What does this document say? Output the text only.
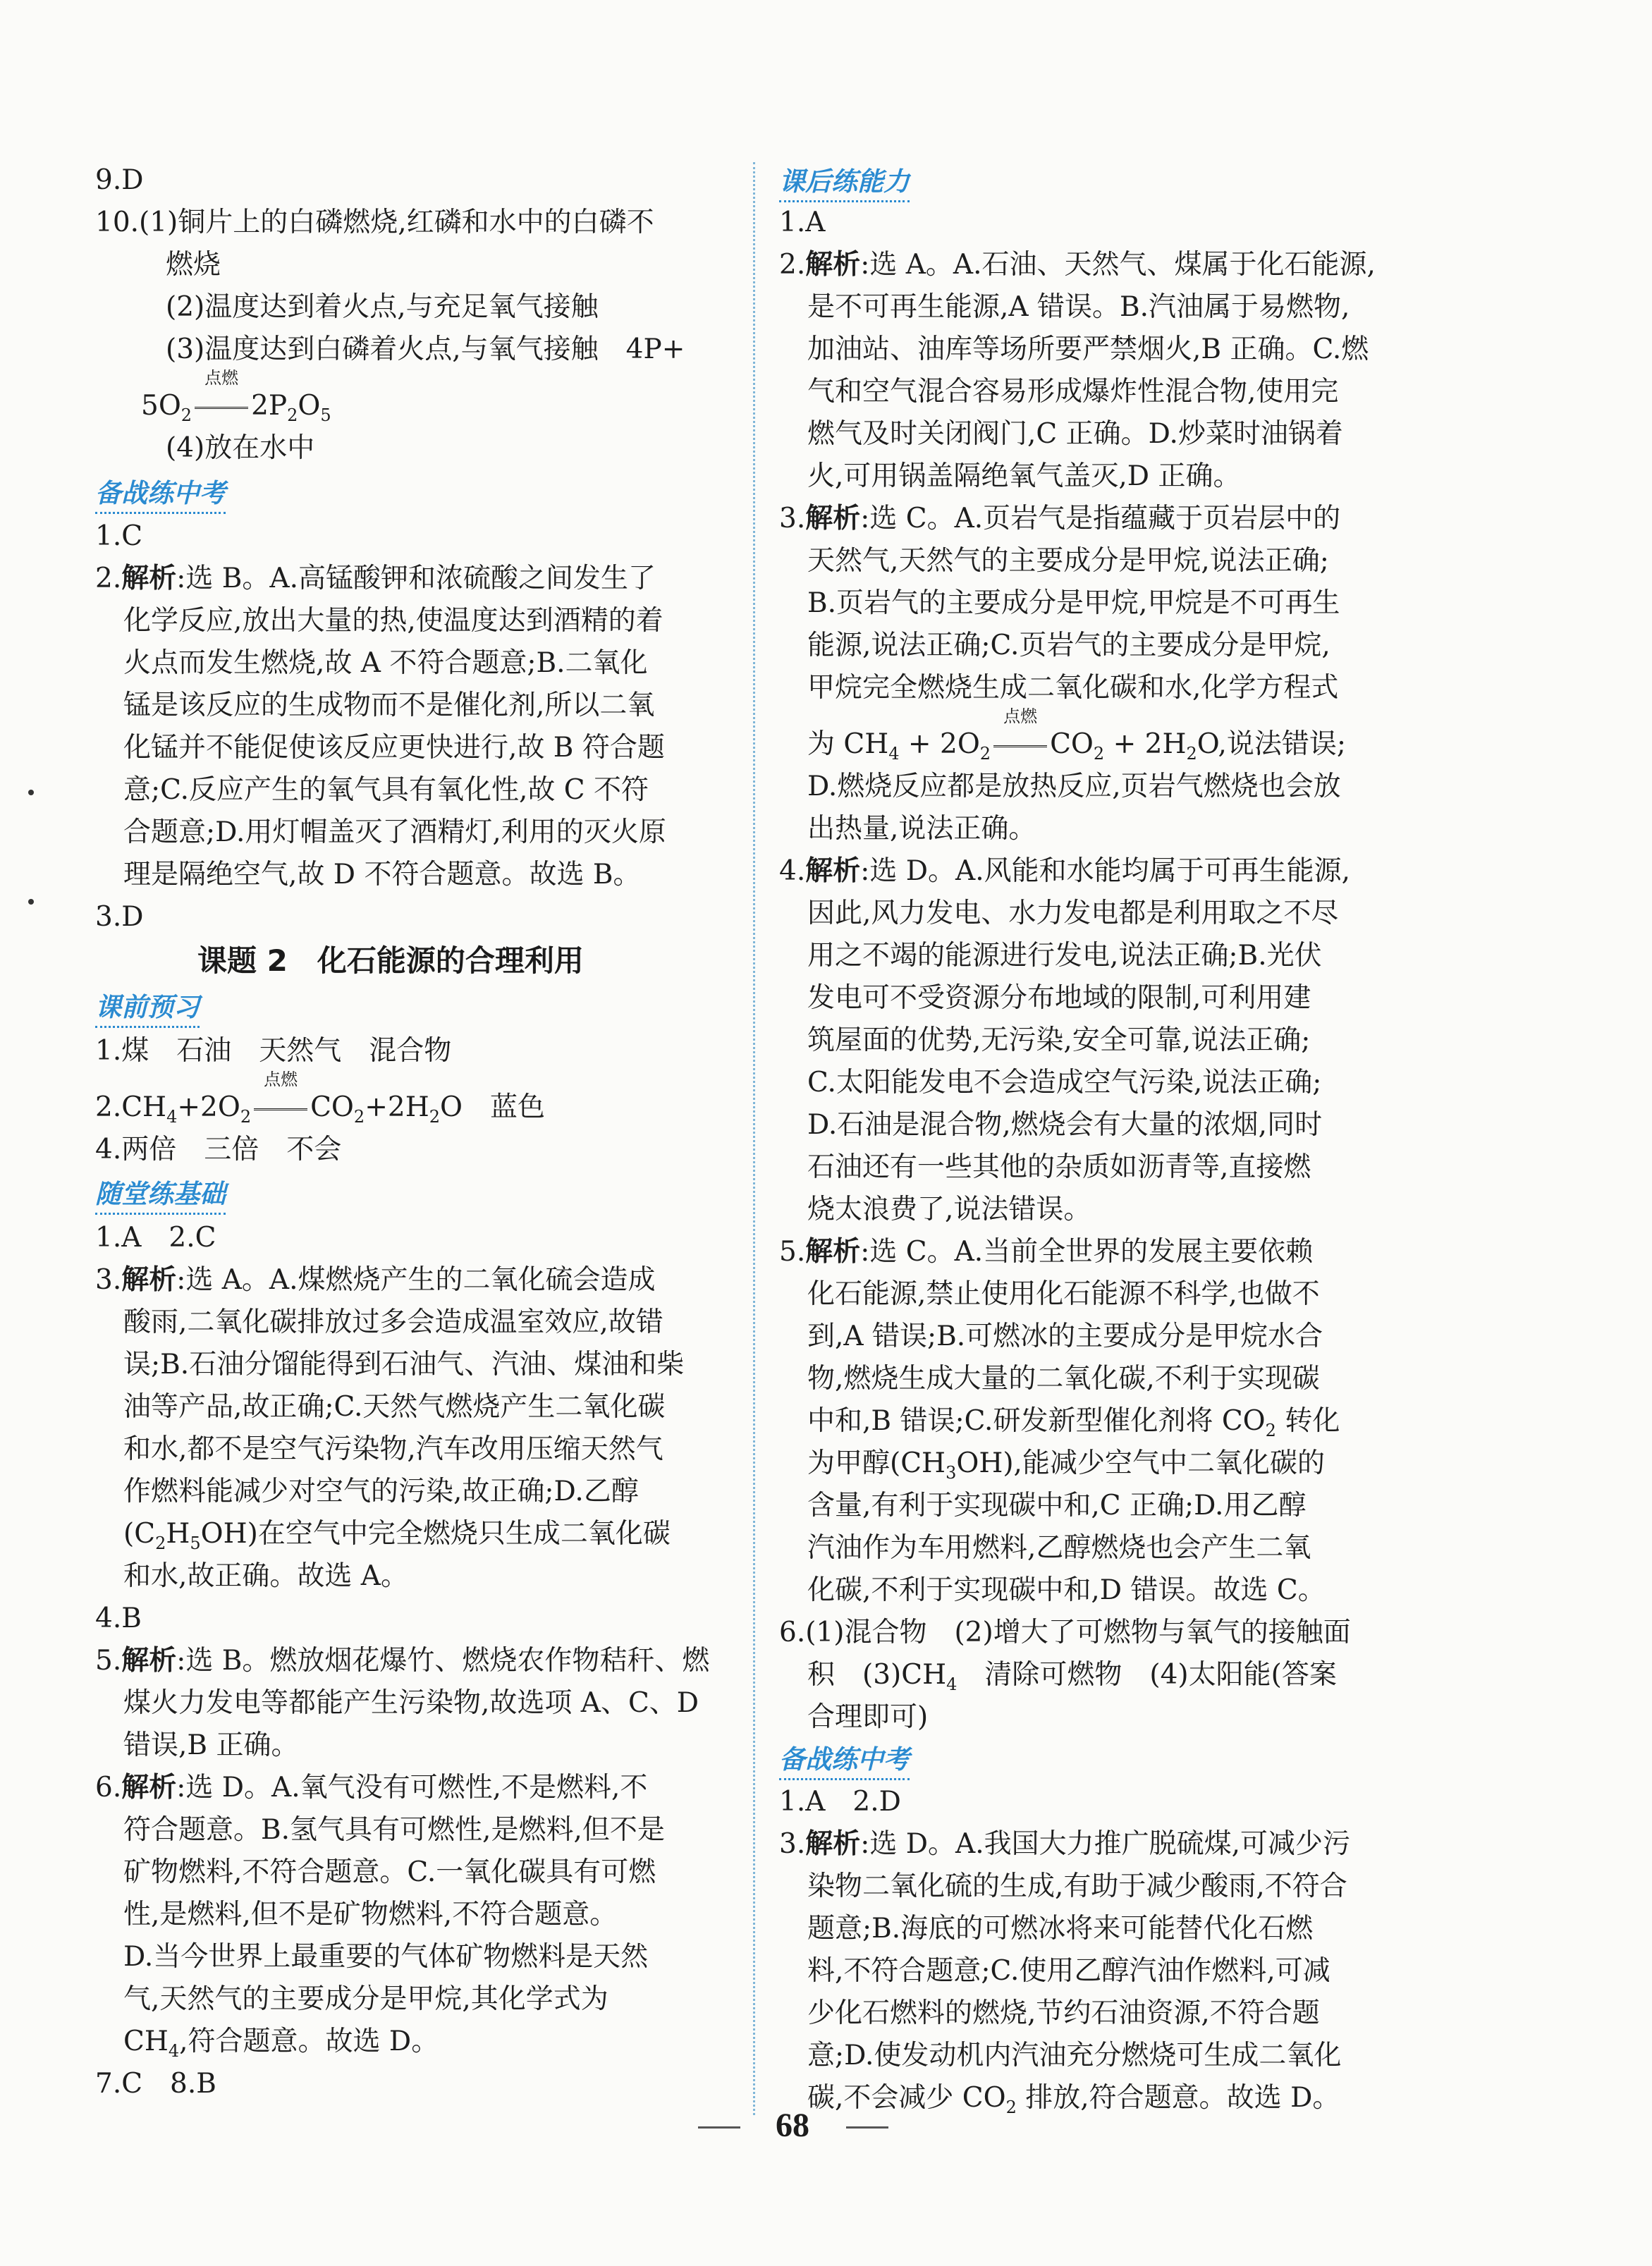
9.D
10.(1)铜片上的白磷燃烧,红磷和水中的白磷不
燃烧
(2)温度达到着火点,与充足氧气接触
(3)温度达到白磷着火点,与氧气接触　4P+
$5O_2$
点燃
$2P_2O_5$
(4)放在水中
备战练中考
1.C
2.解析:选 B。A.高锰酸钾和浓硫酸之间发生了
化学反应,放出大量的热,使温度达到酒精的着
火点而发生燃烧,故 A 不符合题意;B.二氧化
锰是该反应的生成物而不是催化剂,所以二氧
化锰并不能促使该反应更快进行,故 B 符合题
意;C.反应产生的氧气具有氧化性,故 C 不符
合题意;D.用灯帽盖灭了酒精灯,利用的灭火原
理是隔绝空气,故 D 不符合题意。故选 B。
3.D
课题 2　化石能源的合理利用
课前预习
1.煤　石油　天然气　混合物
$2.CH_4+2O_2$
点燃
$CO_2+2H_2O$　蓝色
4.两倍　三倍　不会
随堂练基础
1.A　2.C
3.解析:选 A。A.煤燃烧产生的二氧化硫会造成
酸雨,二氧化碳排放过多会造成温室效应,故错
误;B.石油分馏能得到石油气、汽油、煤油和柴
油等产品,故正确;C.天然气燃烧产生二氧化碳
和水,都不是空气污染物,汽车改用压缩天然气
作燃料能减少对空气的污染,故正确;D.乙醇
$(C_2H_5OH)$在空气中完全燃烧只生成二氧化碳
和水,故正确。故选 A。
4.B
5.解析:选 B。燃放烟花爆竹、燃烧农作物秸秆、燃
煤火力发电等都能产生污染物,故选项 A、C、D
错误,B 正确。
6.解析:选 D。A.氧气没有可燃性,不是燃料,不
符合题意。B.氢气具有可燃性,是燃料,但不是
矿物燃料,不符合题意。C.一氧化碳具有可燃
性,是燃料,但不是矿物燃料,不符合题意。
D.当今世界上最重要的气体矿物燃料是天然
气,天然气的主要成分是甲烷,其化学式为
$CH_4$,符合题意。故选 D。
7.C　8.B
课后练能力
1.A
2.解析:选 A。A.石油、天然气、煤属于化石能源,
是不可再生能源,A 错误。B.汽油属于易燃物,
加油站、油库等场所要严禁烟火,B 正确。C.燃
气和空气混合容易形成爆炸性混合物,使用完
燃气及时关闭阀门,C 正确。D.炒菜时油锅着
火,可用锅盖隔绝氧气盖灭,D 正确。
3.解析:选 C。A.页岩气是指蕴藏于页岩层中的
天然气,天然气的主要成分是甲烷,说法正确;
B.页岩气的主要成分是甲烷,甲烷是不可再生
能源,说法正确;C.页岩气的主要成分是甲烷,
甲烷完全燃烧生成二氧化碳和水,化学方程式
为 $CH_4 + 2O_2$
点燃
$CO_2 + 2H_2O$,说法错误;
D.燃烧反应都是放热反应,页岩气燃烧也会放
出热量,说法正确。
4.解析:选 D。A.风能和水能均属于可再生能源,
因此,风力发电、水力发电都是利用取之不尽
用之不竭的能源进行发电,说法正确;B.光伏
发电可不受资源分布地域的限制,可利用建
筑屋面的优势,无污染,安全可靠,说法正确;
C.太阳能发电不会造成空气污染,说法正确;
D.石油是混合物,燃烧会有大量的浓烟,同时
石油还有一些其他的杂质如沥青等,直接燃
烧太浪费了,说法错误。
5.解析:选 C。A.当前全世界的发展主要依赖
化石能源,禁止使用化石能源不科学,也做不
到,A 错误;B.可燃冰的主要成分是甲烷水合
物,燃烧生成大量的二氧化碳,不利于实现碳
中和,B 错误;C.研发新型催化剂将 $CO_2$ 转化
为甲醇$(CH_3OH)$,能减少空气中二氧化碳的
含量,有利于实现碳中和,C 正确;D.用乙醇
汽油作为车用燃料,乙醇燃烧也会产生二氧
化碳,不利于实现碳中和,D 错误。故选 C。
6.(1)混合物　(2)增大了可燃物与氧气的接触面
积　$(3)CH_4$　清除可燃物　(4)太阳能(答案
合理即可)
备战练中考
1.A　2.D
3.解析:选 D。A.我国大力推广脱硫煤,可减少污
染物二氧化硫的生成,有助于减少酸雨,不符合
题意;B.海底的可燃冰将来可能替代化石燃
料,不符合题意;C.使用乙醇汽油作燃料,可减
少化石燃料的燃烧,节约石油资源,不符合题
意;D.使发动机内汽油充分燃烧可生成二氧化
碳,不会减少 $CO_2$ 排放,符合题意。故选 D。
68
